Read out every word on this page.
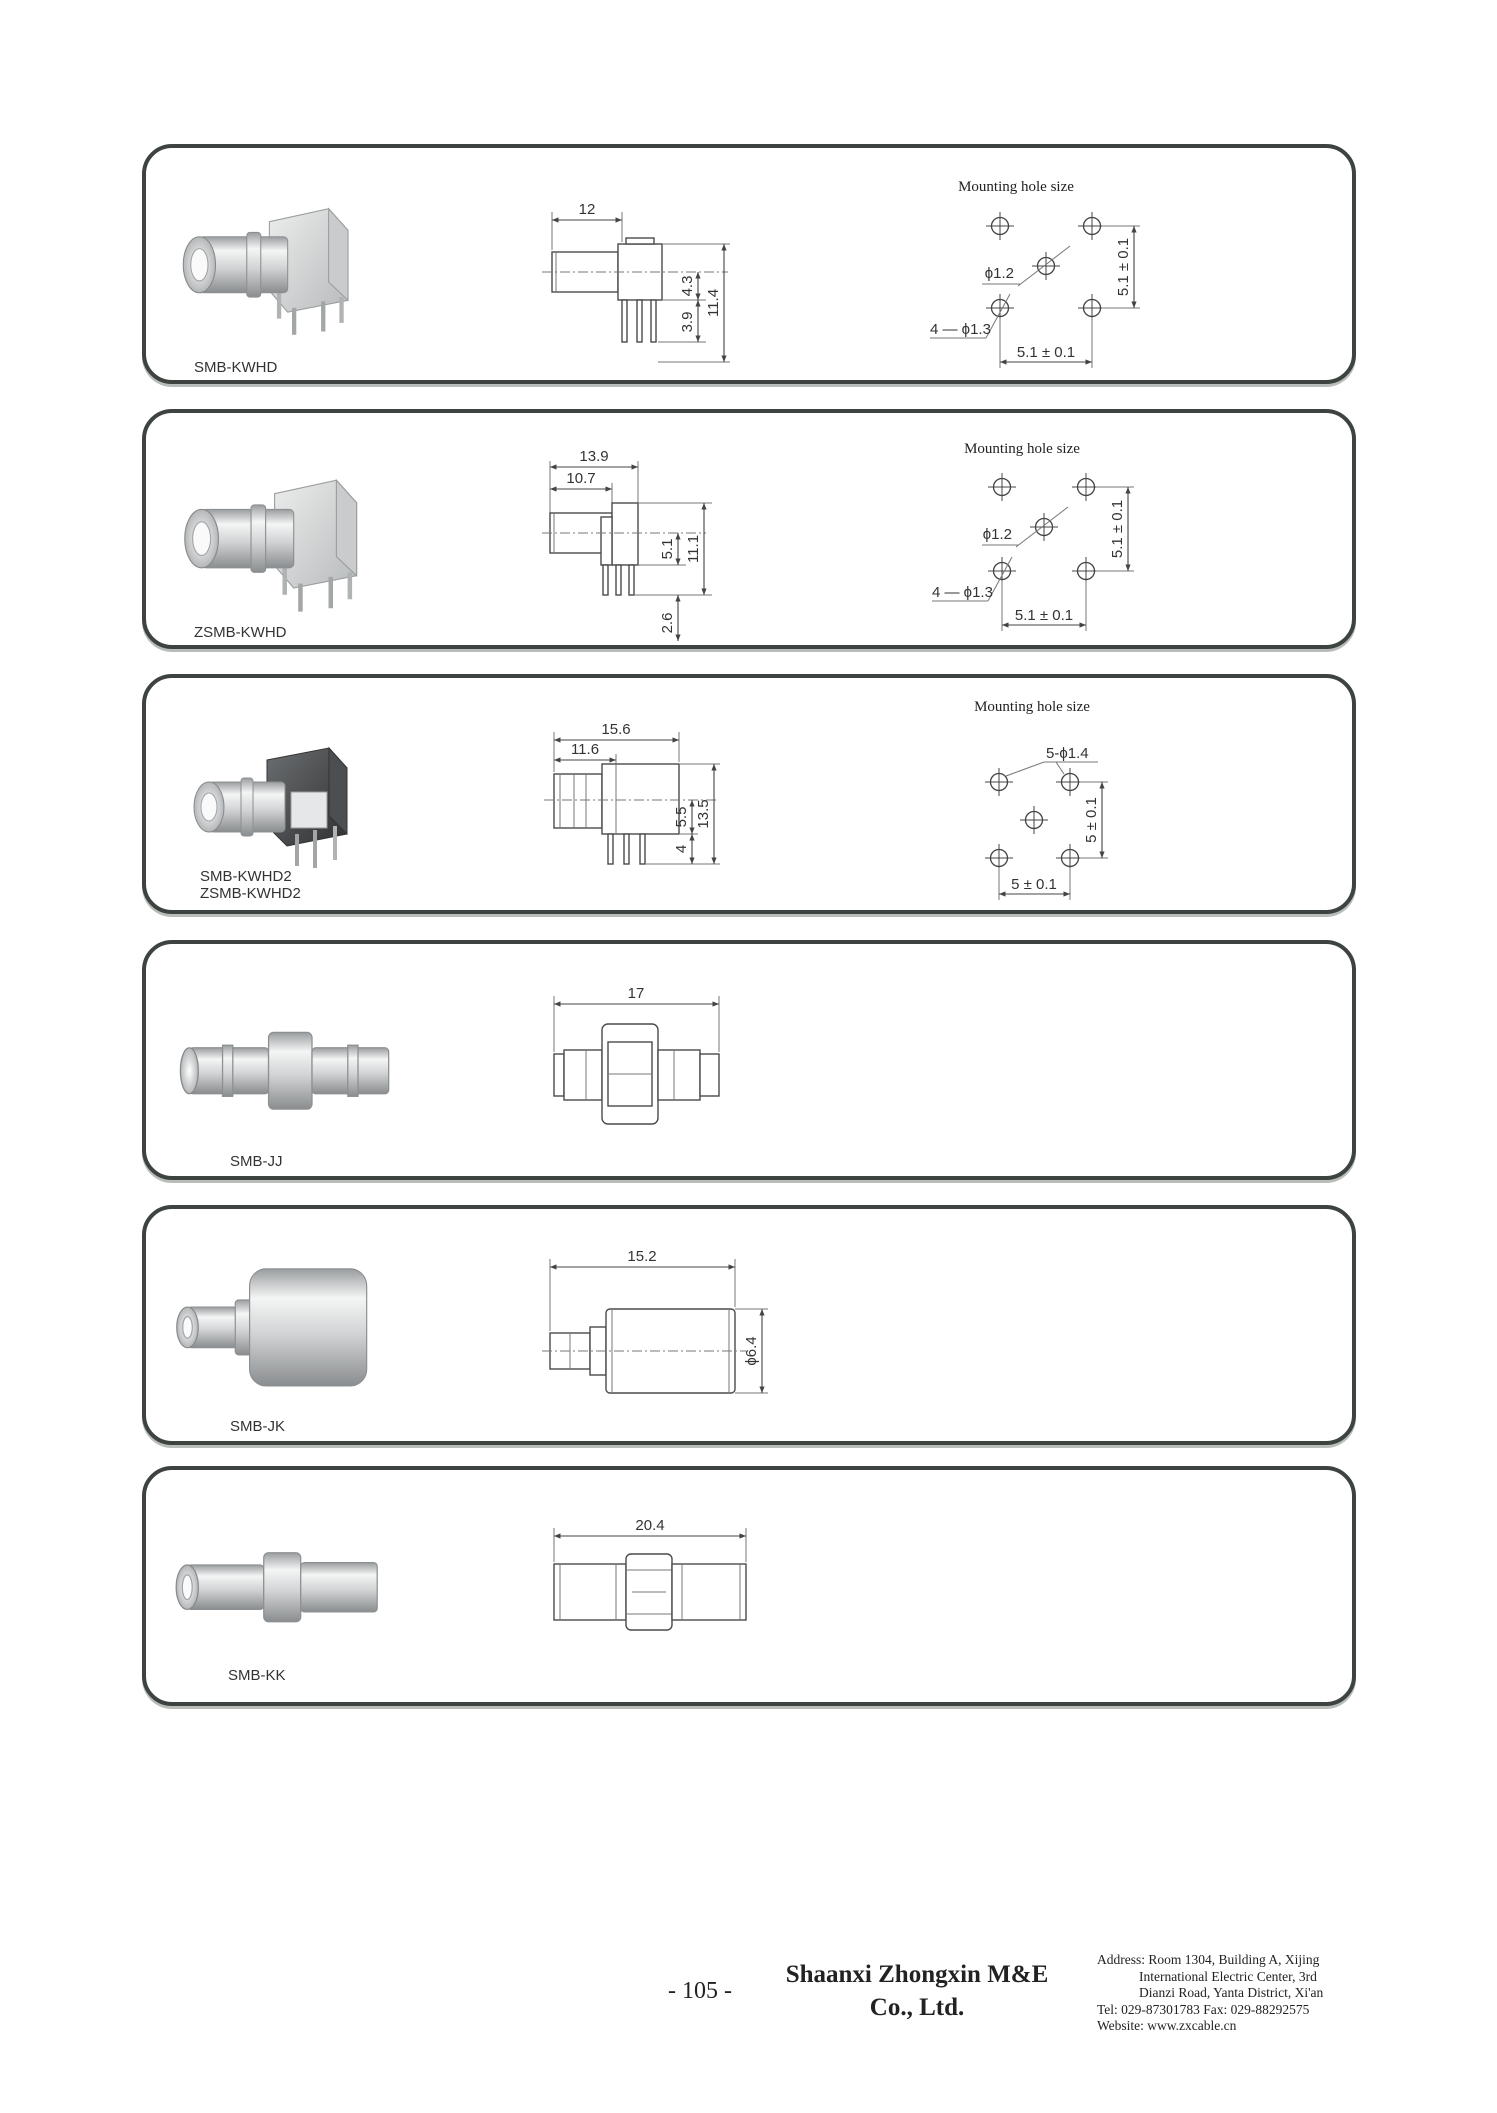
SMB-KWHD
12
4.3
3.9
11.4
Mounting hole size
ϕ1.2
4 — ϕ1.3
5.1 ± 0.1
5.1 ± 0.1
ZSMB-KWHD
13.9
10.7
5.1 11.1
2.6
Mounting hole size
ϕ1.2
4 — ϕ1.3
5.1 ± 0.1
5.1 ± 0.1
SMB-KWHD2
ZSMB-KWHD2
15.6
11.6
5.5
4
13.5
Mounting hole size
5-ϕ1.4
5 ± 0.1
5 ± 0.1
SMB-JJ
17
SMB-JK
15.2
ϕ6.4
SMB-KK
20.4
- 105 -
Shaanxi Zhongxin M&E
Co., Ltd.
Address: Room 1304, Building A, Xijing
International Electric Center, 3rd
Dianzi Road, Yanta District, Xi'an
Tel: 029-87301783 Fax: 029-88292575
Website: www.zxcable.cn
